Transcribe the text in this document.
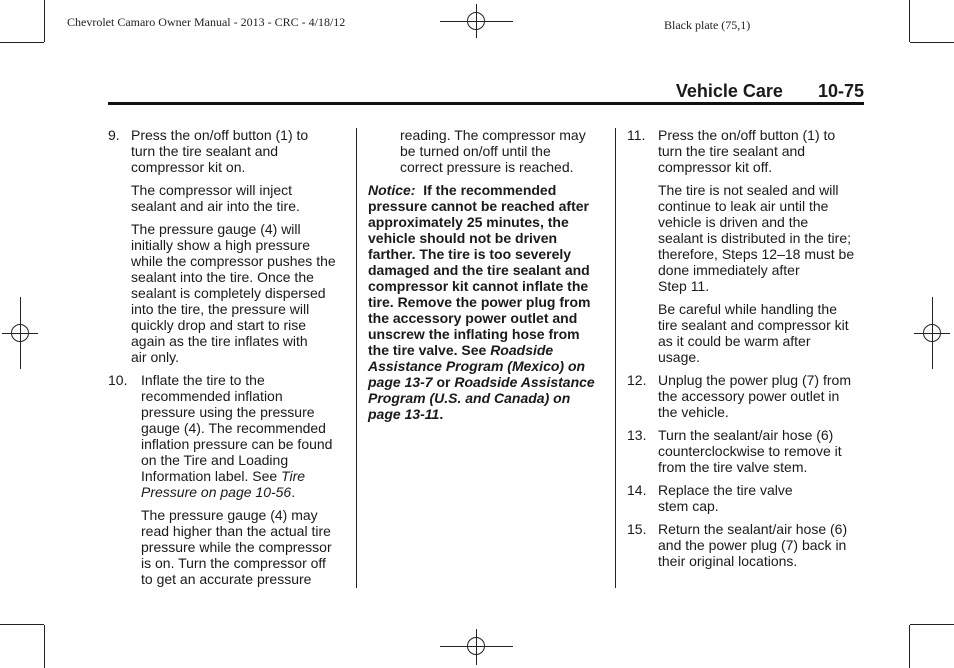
Chevrolet Camaro Owner Manual - 2013 - CRC - 4/18/12	Black plate (75,1)
Vehicle Care 10-75
9. Press the on/off button (1) to
turn the tire sealant and
compressor kit on.
The compressor will inject
sealant and air into the tire.
The pressure gauge (4) will
initially show a high pressure
while the compressor pushes the
sealant into the tire. Once the
sealant is completely dispersed
into the tire, the pressure will
quickly drop and start to rise
again as the tire inflates with
air only.
10. Inflate the tire to the
recommended inflation
pressure using the pressure
gauge (4). The recommended
inflation pressure can be found
on the Tire and Loading
Information label. See Tire
Pressure on page 10-56.
The pressure gauge (4) may
read higher than the actual tire
pressure while the compressor
is on. Turn the compressor off
to get an accurate pressure
reading. The compressor may
be turned on/off until the
correct pressure is reached.
Notice: If the recommended
pressure cannot be reached after
approximately 25 minutes, the
vehicle should not be driven
farther. The tire is too severely
damaged and the tire sealant and
compressor kit cannot inflate the
tire. Remove the power plug from
the accessory power outlet and
unscrew the inflating hose from
the tire valve. See Roadside
Assistance Program (Mexico) on
page 13-7 or Roadside Assistance
Program (U.S. and Canada) on
page 13-11.
11. Press the on/off button (1) to
turn the tire sealant and
compressor kit off.
The tire is not sealed and will
continue to leak air until the
vehicle is driven and the
sealant is distributed in the tire;
therefore, Steps 12–18 must be
done immediately after
Step 11.
Be careful while handling the
tire sealant and compressor kit
as it could be warm after
usage.
12. Unplug the power plug (7) from
the accessory power outlet in
the vehicle.
13. Turn the sealant/air hose (6)
counterclockwise to remove it
from the tire valve stem.
14. Replace the tire valve
stem cap.
15. Return the sealant/air hose (6)
and the power plug (7) back in
their original locations.
